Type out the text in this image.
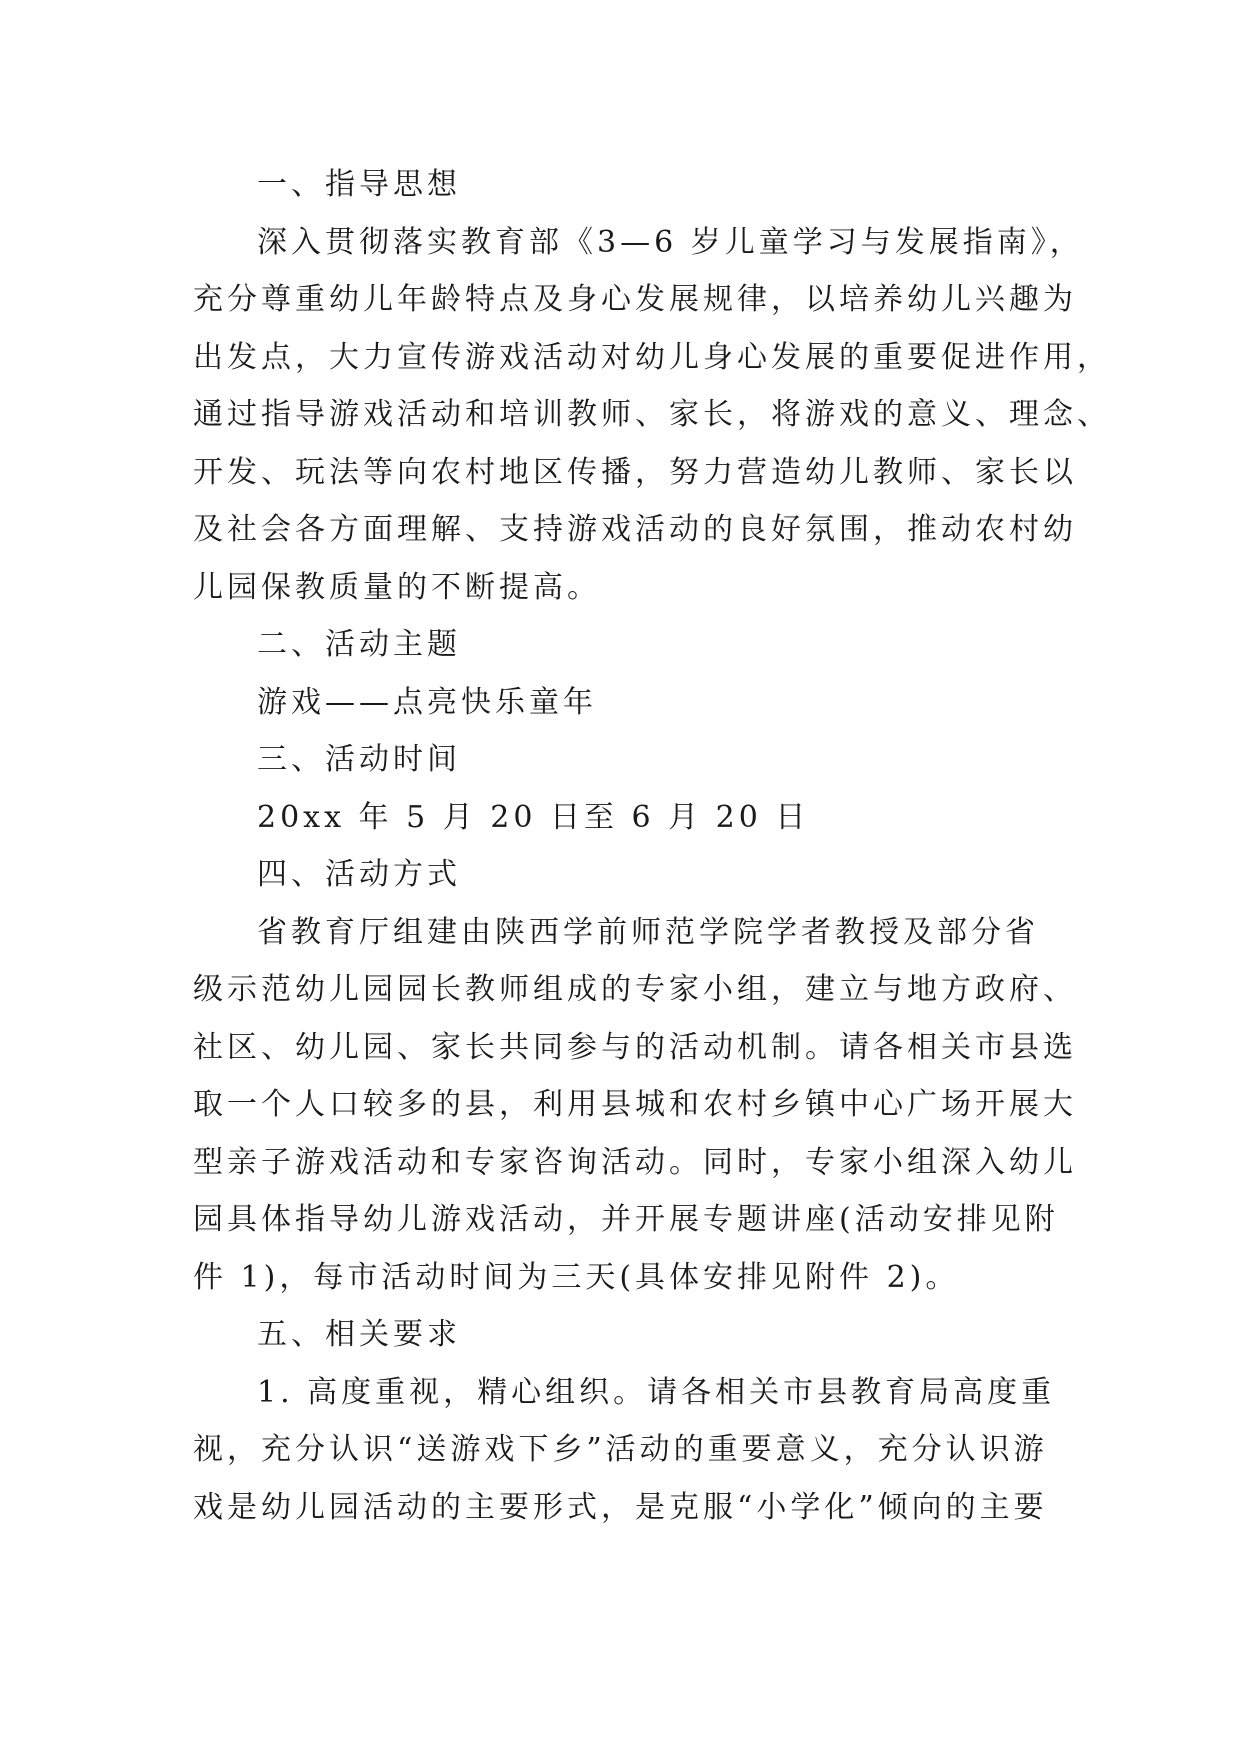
一、指导思想

深入贯彻落实教育部《3—6 岁儿童学习与发展指南》，
充分尊重幼儿年龄特点及身心发展规律，以培养幼儿兴趣为
出发点，大力宣传游戏活动对幼儿身心发展的重要促进作用，
通过指导游戏活动和培训教师、家长，将游戏的意义、理念、
开发、玩法等向农村地区传播，努力营造幼儿教师、家长以
及社会各方面理解、支持游戏活动的良好氛围，推动农村幼
儿园保教质量的不断提高。

二、活动主题

游戏——点亮快乐童年

三、活动时间

20xx 年 5 月 20 日至 6 月 20 日

四、活动方式

省教育厅组建由陕西学前师范学院学者教授及部分省
级示范幼儿园园长教师组成的专家小组，建立与地方政府、
社区、幼儿园、家长共同参与的活动机制。请各相关市县选
取一个人口较多的县，利用县城和农村乡镇中心广场开展大
型亲子游戏活动和专家咨询活动。同时，专家小组深入幼儿
园具体指导幼儿游戏活动，并开展专题讲座(活动安排见附
件 1)，每市活动时间为三天(具体安排见附件 2)。

五、相关要求

1. 高度重视，精心组织。请各相关市县教育局高度重
视，充分认识“送游戏下乡”活动的重要意义，充分认识游
戏是幼儿园活动的主要形式，是克服“小学化”倾向的主要
